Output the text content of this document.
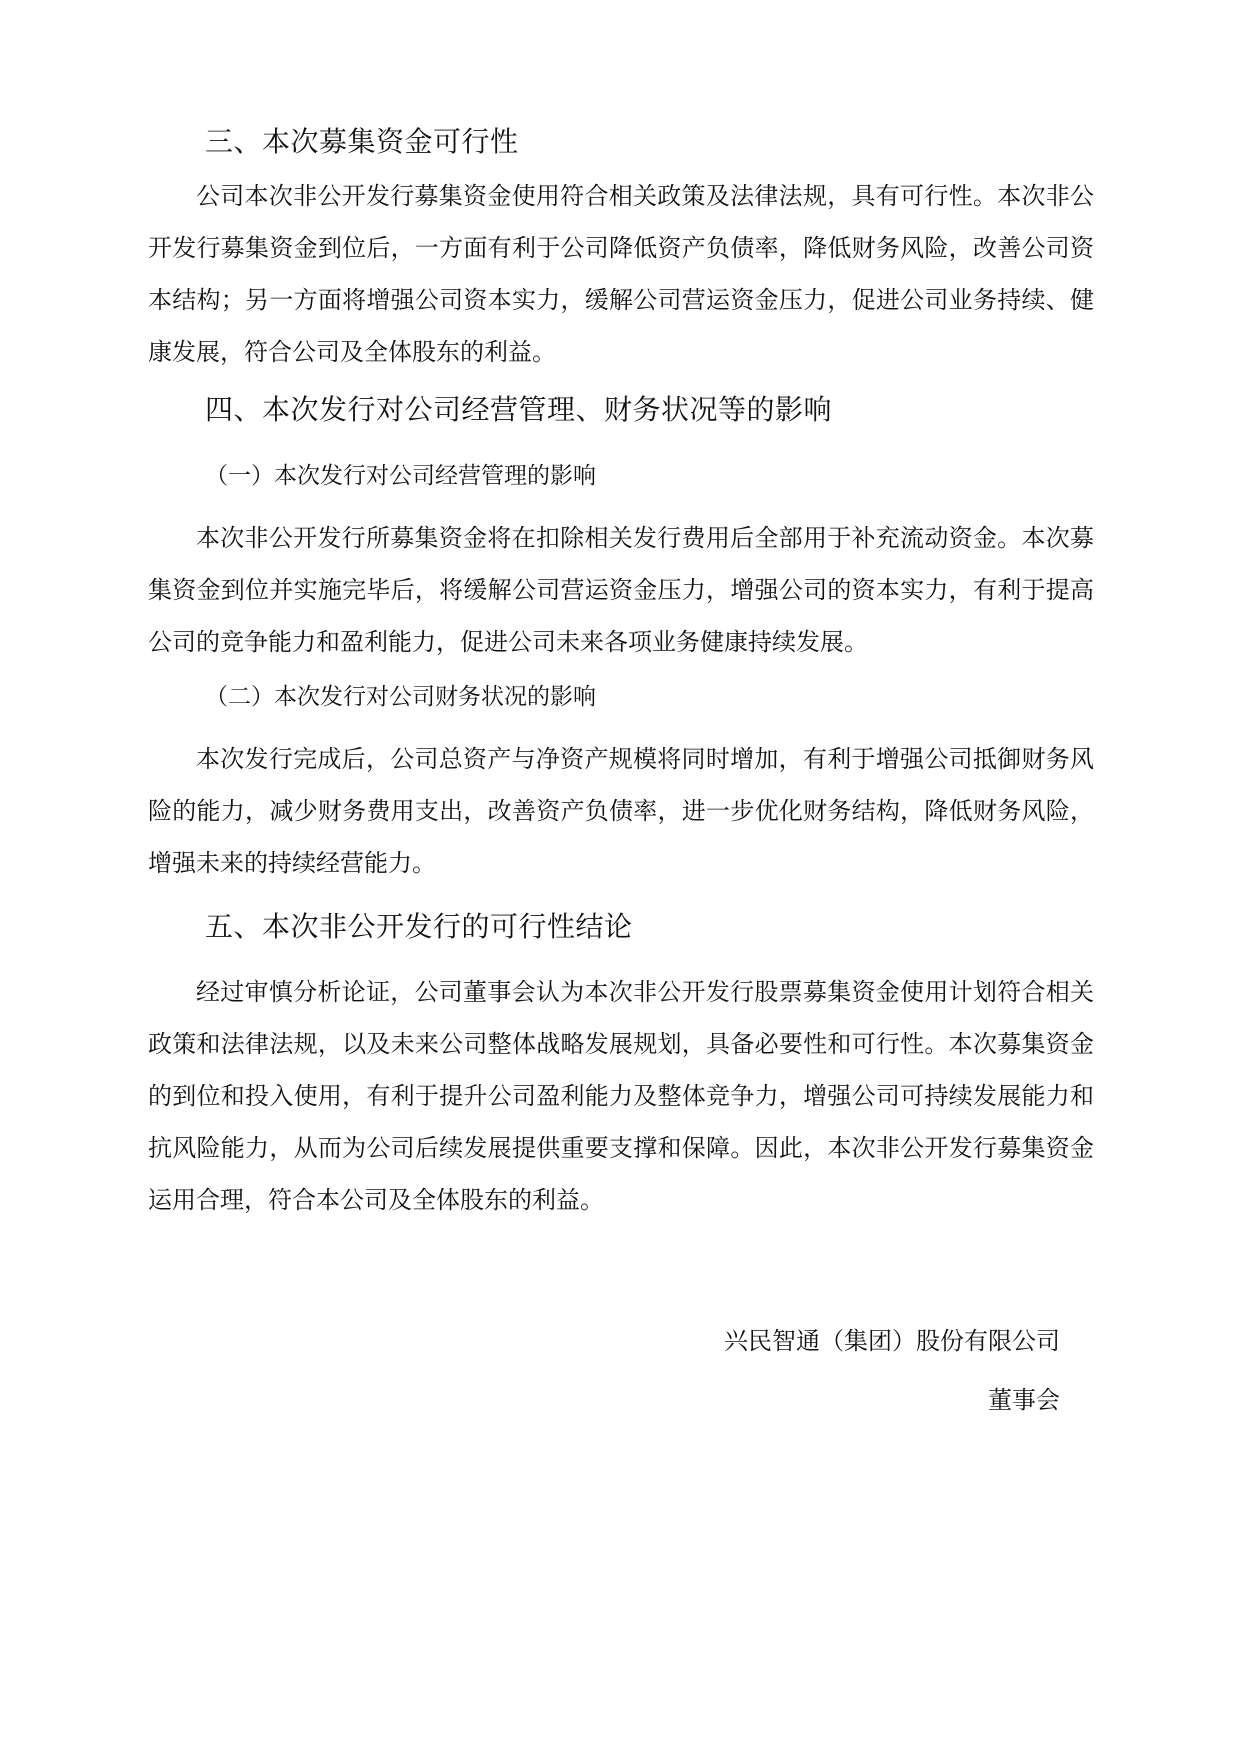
三、本次募集资金可行性
公司本次非公开发行募集资金使用符合相关政策及法律法规，具有可行性。本次非公开发行募集资金到位后，一方面有利于公司降低资产负债率，降低财务风险，改善公司资本结构；另一方面将增强公司资本实力，缓解公司营运资金压力，促进公司业务持续、健康发展，符合公司及全体股东的利益。
四、本次发行对公司经营管理、财务状况等的影响
（一）本次发行对公司经营管理的影响
本次非公开发行所募集资金将在扣除相关发行费用后全部用于补充流动资金。本次募集资金到位并实施完毕后，将缓解公司营运资金压力，增强公司的资本实力，有利于提高公司的竞争能力和盈利能力，促进公司未来各项业务健康持续发展。
（二）本次发行对公司财务状况的影响
本次发行完成后，公司总资产与净资产规模将同时增加，有利于增强公司抵御财务风险的能力，减少财务费用支出，改善资产负债率，进一步优化财务结构，降低财务风险，增强未来的持续经营能力。
五、本次非公开发行的可行性结论
经过审慎分析论证，公司董事会认为本次非公开发行股票募集资金使用计划符合相关政策和法律法规，以及未来公司整体战略发展规划，具备必要性和可行性。本次募集资金的到位和投入使用，有利于提升公司盈利能力及整体竞争力，增强公司可持续发展能力和抗风险能力，从而为公司后续发展提供重要支撑和保障。因此，本次非公开发行募集资金运用合理，符合本公司及全体股东的利益。
兴民智通（集团）股份有限公司
董事会
